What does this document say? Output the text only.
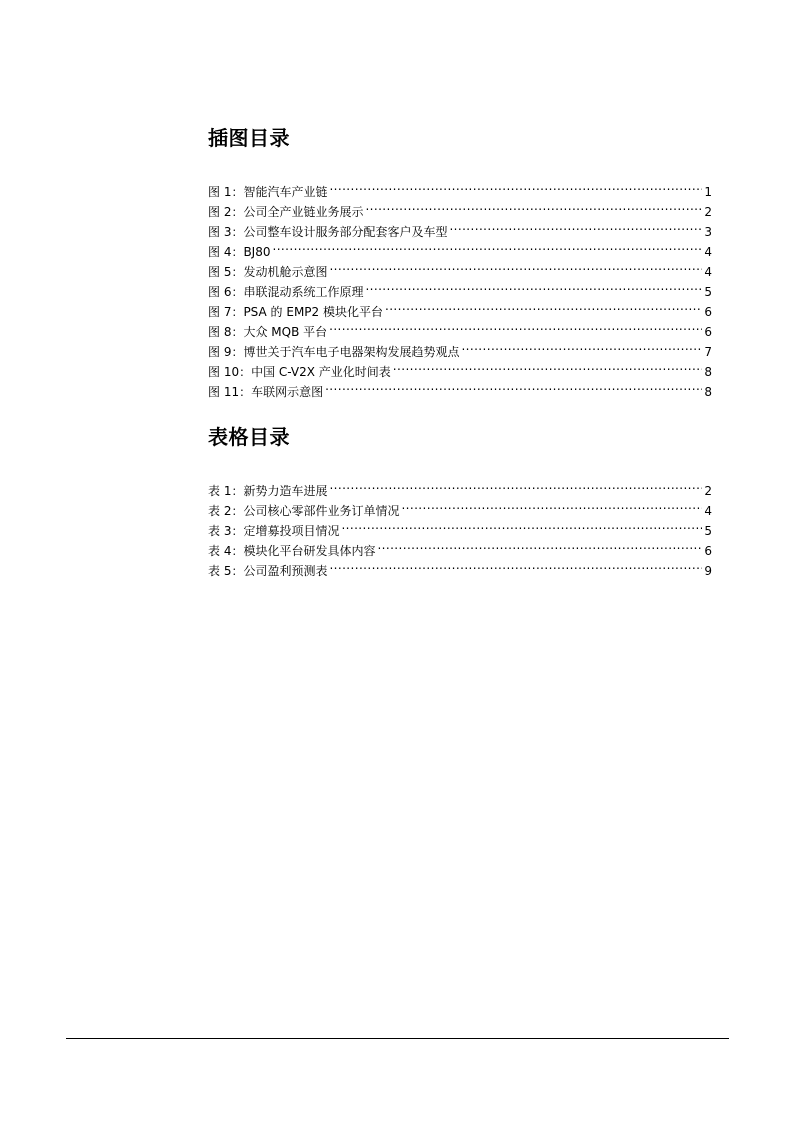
插图目录
图 1：智能汽车产业链 .....	1
图 2：公司全产业链业务展示 .....	2
图 3：公司整车设计服务部分配套客户及车型 .....	3
图 4：BJ80 .....	4
图 5：发动机舱示意图 .....	4
图 6：串联混动系统工作原理 .....	5
图 7：PSA 的 EMP2 模块化平台 .....	6
图 8：大众 MQB 平台 .....	6
图 9：博世关于汽车电子电器架构发展趋势观点 .....	7
图 10：中国 C-V2X 产业化时间表 .....	8
图 11：车联网示意图 .....	8
表格目录
表 1：新势力造车进展 .....	2
表 2：公司核心零部件业务订单情况 .....	4
表 3：定增募投项目情况 .....	5
表 4：模块化平台研发具体内容 .....	6
表 5：公司盈利预测表 .....	9
